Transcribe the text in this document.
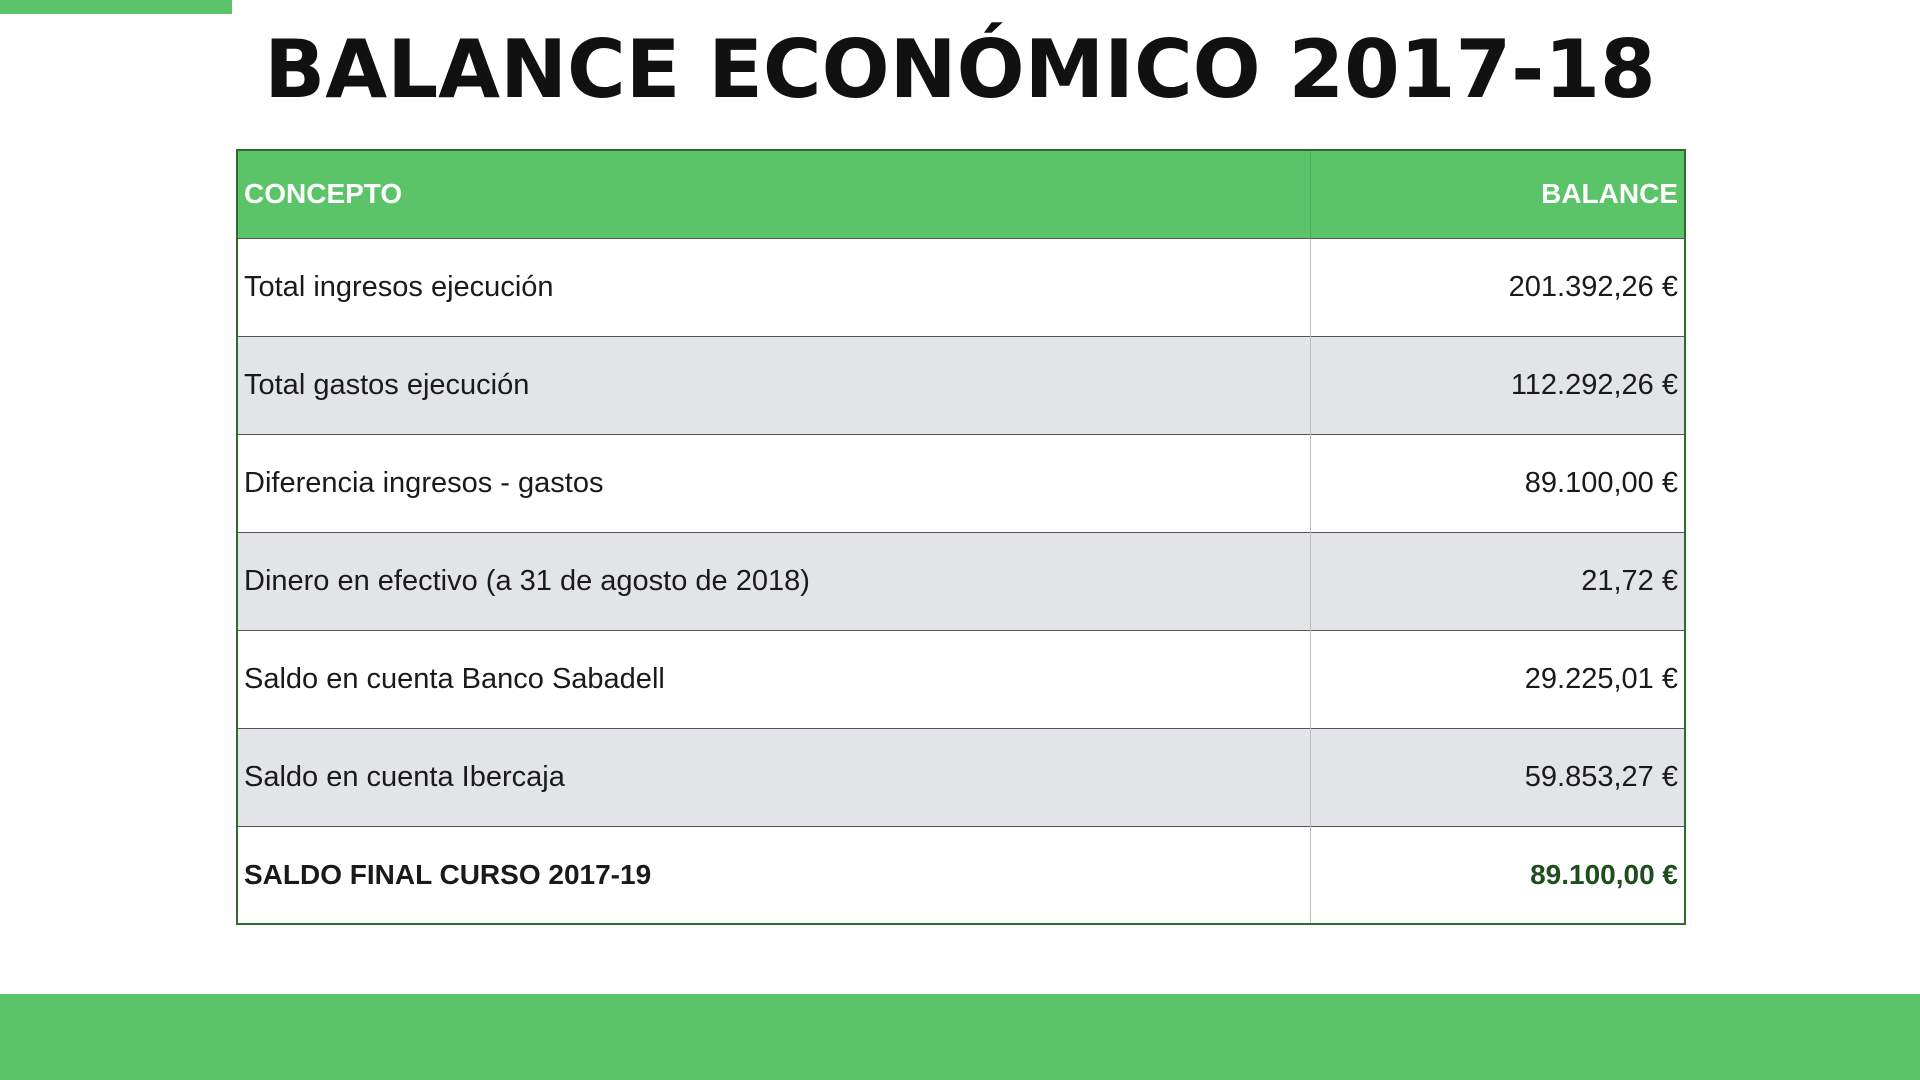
BALANCE ECONÓMICO 2017-18
CONCEPTO	BALANCE
Total ingresos ejecución	201.392,26 €
Total gastos ejecución	112.292,26 €
Diferencia ingresos - gastos	89.100,00 €
Dinero en efectivo (a 31 de agosto de 2018)	21,72 €
Saldo en cuenta Banco Sabadell	29.225,01 €
Saldo en cuenta Ibercaja	59.853,27 €
SALDO FINAL CURSO 2017-19	89.100,00 €
